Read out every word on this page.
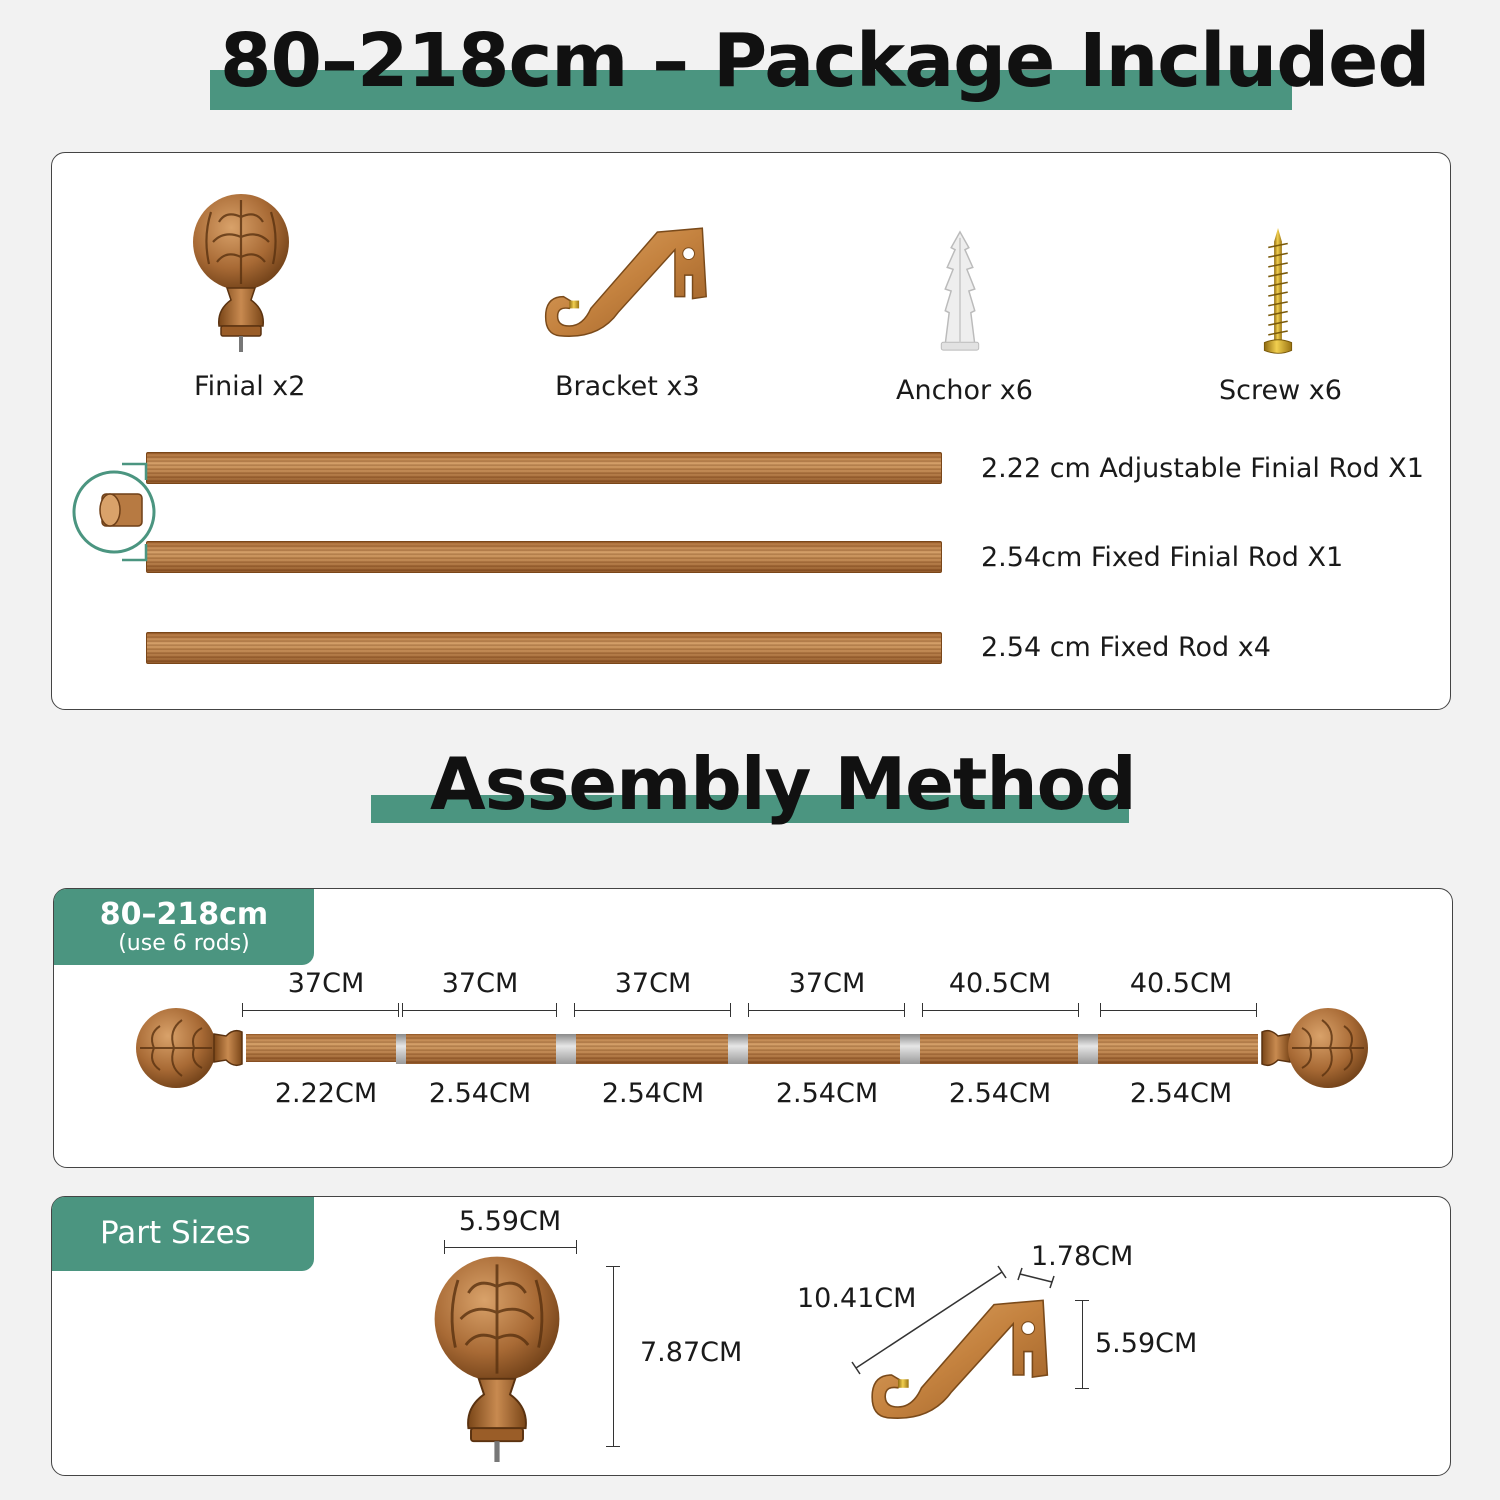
80–218cm – Package Included
Finial x2	Bracket x3	Anchor x6	Screw x6
2.22 cm Adjustable Finial Rod X1
2.54cm Fixed Finial Rod X1
2.54 cm Fixed Rod x4
Assembly Method
80–218cm
(use 6 rods)
37CM	37CM	37CM	37CM	40.5CM	40.5CM
2.22CM	2.54CM	2.54CM	2.54CM	2.54CM	2.54CM
Part Sizes	5.59CM
7.87CM
10.41CM
1.78CM
5.59CM
